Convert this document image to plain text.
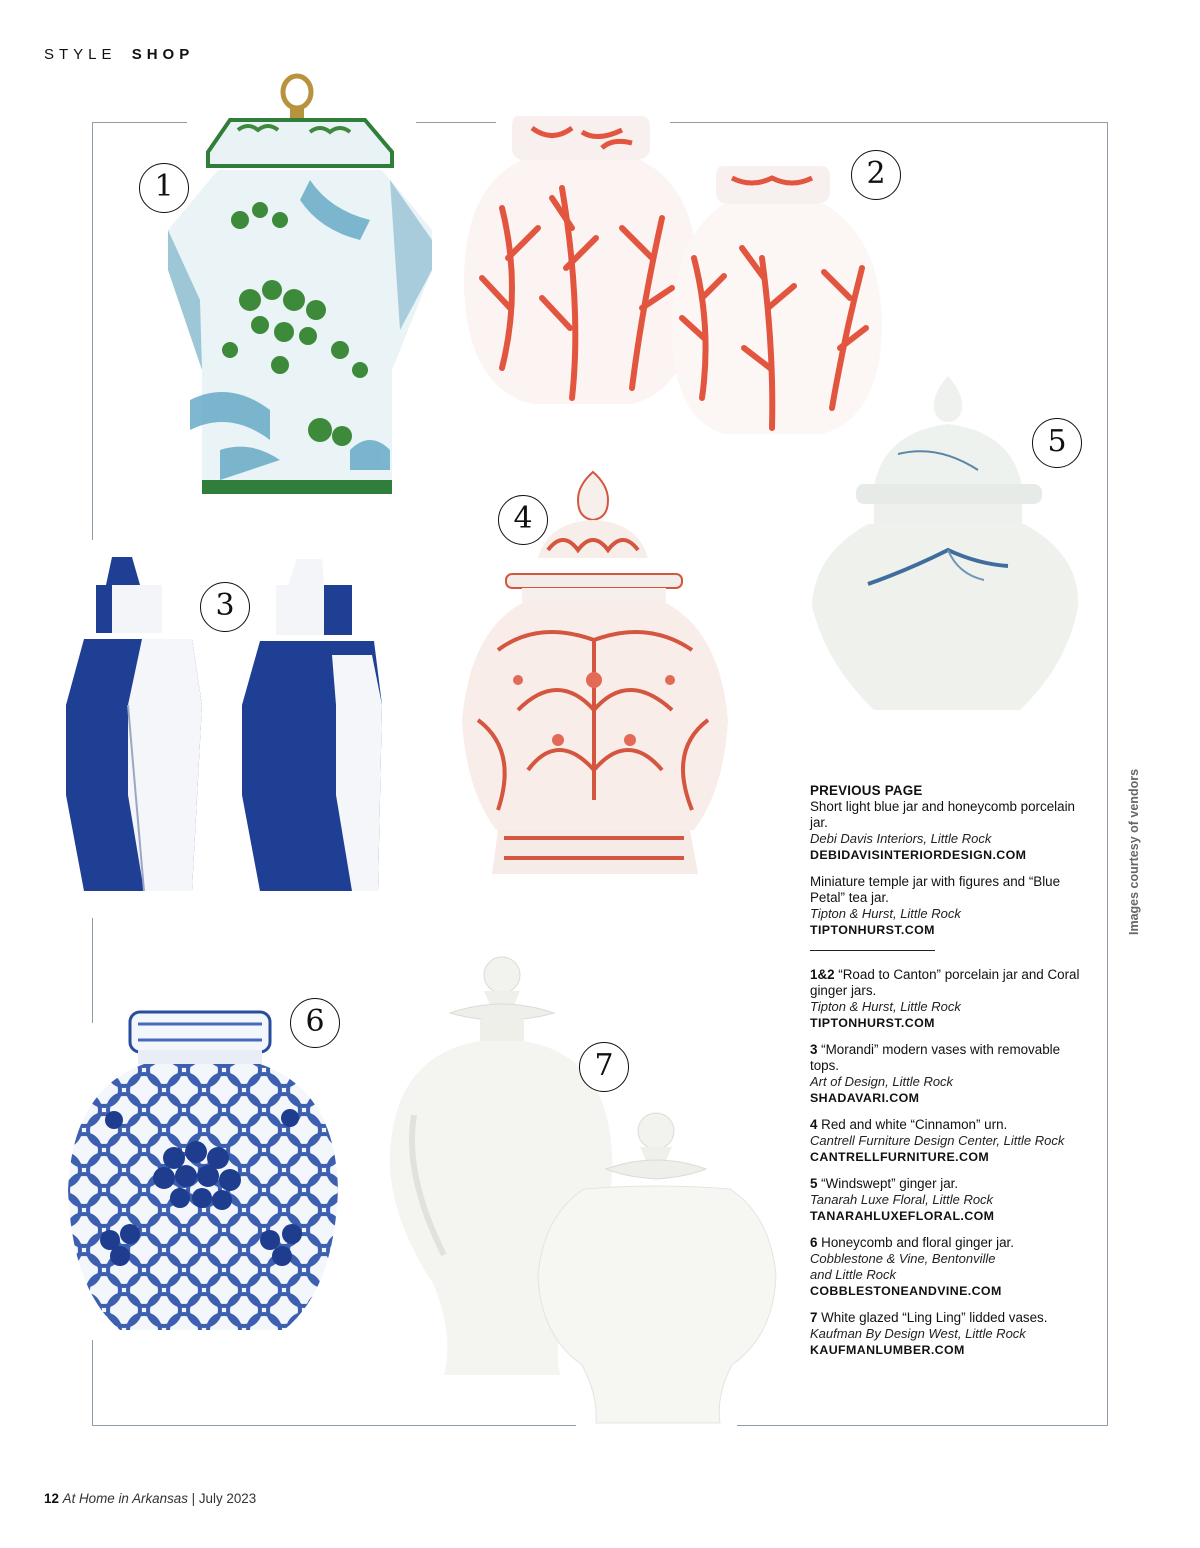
STYLE SHOP
1	2
3
4
5
6
7
PREVIOUS PAGE
Short light blue jar and honeycomb porcelain jar.
Debi Davis Interiors, Little Rock
DEBIDAVISINTERIORDESIGN.COM
Miniature temple jar with figures and “Blue Petal” tea jar.
Tipton & Hurst, Little Rock
TIPTONHURST.COM
1&2 “Road to Canton” porcelain jar and Coral ginger jars.
Tipton & Hurst, Little Rock
TIPTONHURST.COM
3 “Morandi” modern vases with removable tops.
Art of Design, Little Rock
SHADAVARI.COM
4 Red and white “Cinnamon” urn.
Cantrell Furniture Design Center, Little Rock
CANTRELLFURNITURE.COM
5 “Windswept” ginger jar.
Tanarah Luxe Floral, Little Rock
TANARAHLUXEFLORAL.COM
6 Honeycomb and floral ginger jar.
Cobblestone & Vine, Bentonville and Little Rock
COBBLESTONEANDVINE.COM
7 White glazed “Ling Ling” lidded vases.
Kaufman By Design West, Little Rock
KAUFMANLUMBER.COM
Images courtesy of vendors
12 At Home in Arkansas | July 2023
